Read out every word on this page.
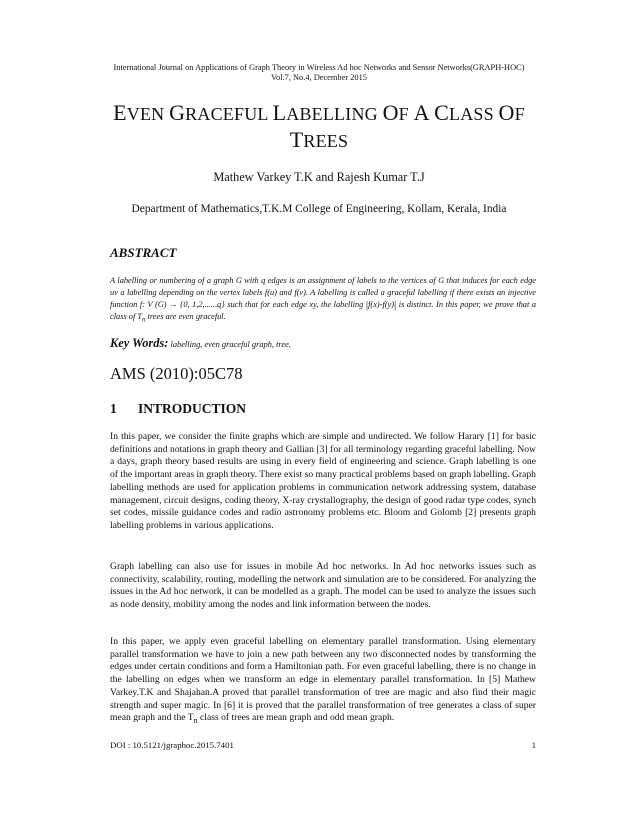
International Journal on Applications of Graph Theory in Wireless Ad hoc Networks and Sensor Networks(GRAPH-HOC)
Vol.7, No.4, December 2015
EVEN GRACEFUL LABELLING OF A CLASS OF
TREES
Mathew Varkey T.K and Rajesh Kumar T.J
Department of Mathematics,T.K.M College of Engineering, Kollam, Kerala, India
ABSTRACT
A labelling or numbering of a graph G with q edges is an assignment of labels to the vertices of G that induces for each edge uv a labelling depending on the vertex labels f(u) and f(v). A labelling is called a graceful labelling if there exists an injective function f: V (G) → {0, 1,2,......q} such that for each edge xy, the labelling |f(x)-f(y)| is distinct. In this paper, we prove that a class of $T_n$ trees are even graceful.
Key Words: labelling, even graceful graph, tree.
AMS (2010):05C78
1 INTRODUCTION
In this paper, we consider the finite graphs which are simple and undirected. We follow Harary [1] for basic definitions and notations in graph theory and Gallian [3] for all terminology regarding graceful labelling. Now a days, graph theory based results are using in every field of engineering and science. Graph labelling is one of the important areas in graph theory. There exist so many practical problems based on graph labelling. Graph labelling methods are used for application problems in communication network addressing system, database management, circuit designs, coding theory, X-ray crystallography, the design of good radar type codes, synch set codes, missile guidance codes and radio astronomy problems etc. Bloom and Golomb [2] presents graph labelling problems in various applications.
Graph labelling can also use for issues in mobile Ad hoc networks. In Ad hoc networks issues such as connectivity, scalability, routing, modelling the network and simulation are to be considered. For analyzing the issues in the Ad hoc network, it can be modelled as a graph. The model can be used to analyze the issues such as node density, mobility among the nodes and link information between the nodes.
In this paper, we apply even graceful labelling on elementary parallel transformation. Using elementary parallel transformation we have to join a new path between any two disconnected nodes by transforming the edges under certain conditions and form a Hamiltonian path. For even graceful labelling, there is no change in the labelling on edges when we transform an edge in elementary parallel transformation. In [5] Mathew Varkey.T.K and Shajahan.A proved that parallel transformation of tree are magic and also find their magic strength and super magic. In [6] it is proved that the parallel transformation of tree generates a class of super mean graph and the $T_n$ class of trees are mean graph and odd mean graph.
DOI : 10.5121/jgraphoc.2015.7401	1
